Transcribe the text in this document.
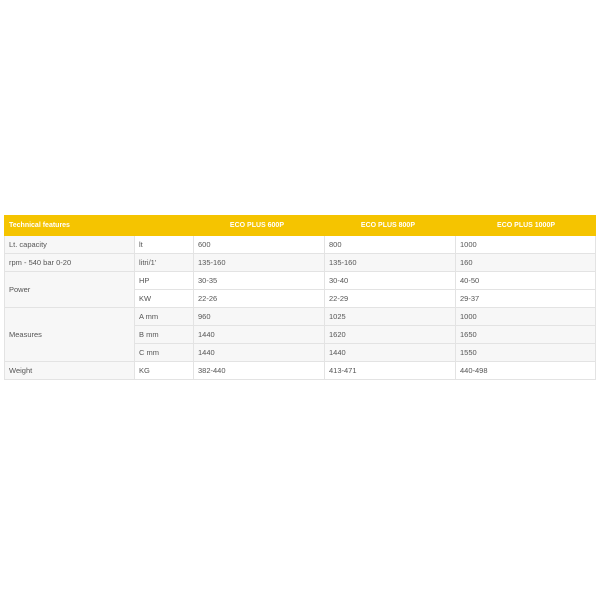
Technical features		ECO PLUS 600P	ECO PLUS 800P	ECO PLUS 1000P
Lt. capacity	lt	600	800	1000
rpm - 540 bar 0-20	litri/1'	135-160	135-160	160
Power	HP	30-35	30-40	40-50
	KW	22-26	22-29	29-37
Measures	A mm	960	1025	1000
	B mm	1440	1620	1650
	C mm	1440	1440	1550
Weight	KG	382-440	413-471	440-498
